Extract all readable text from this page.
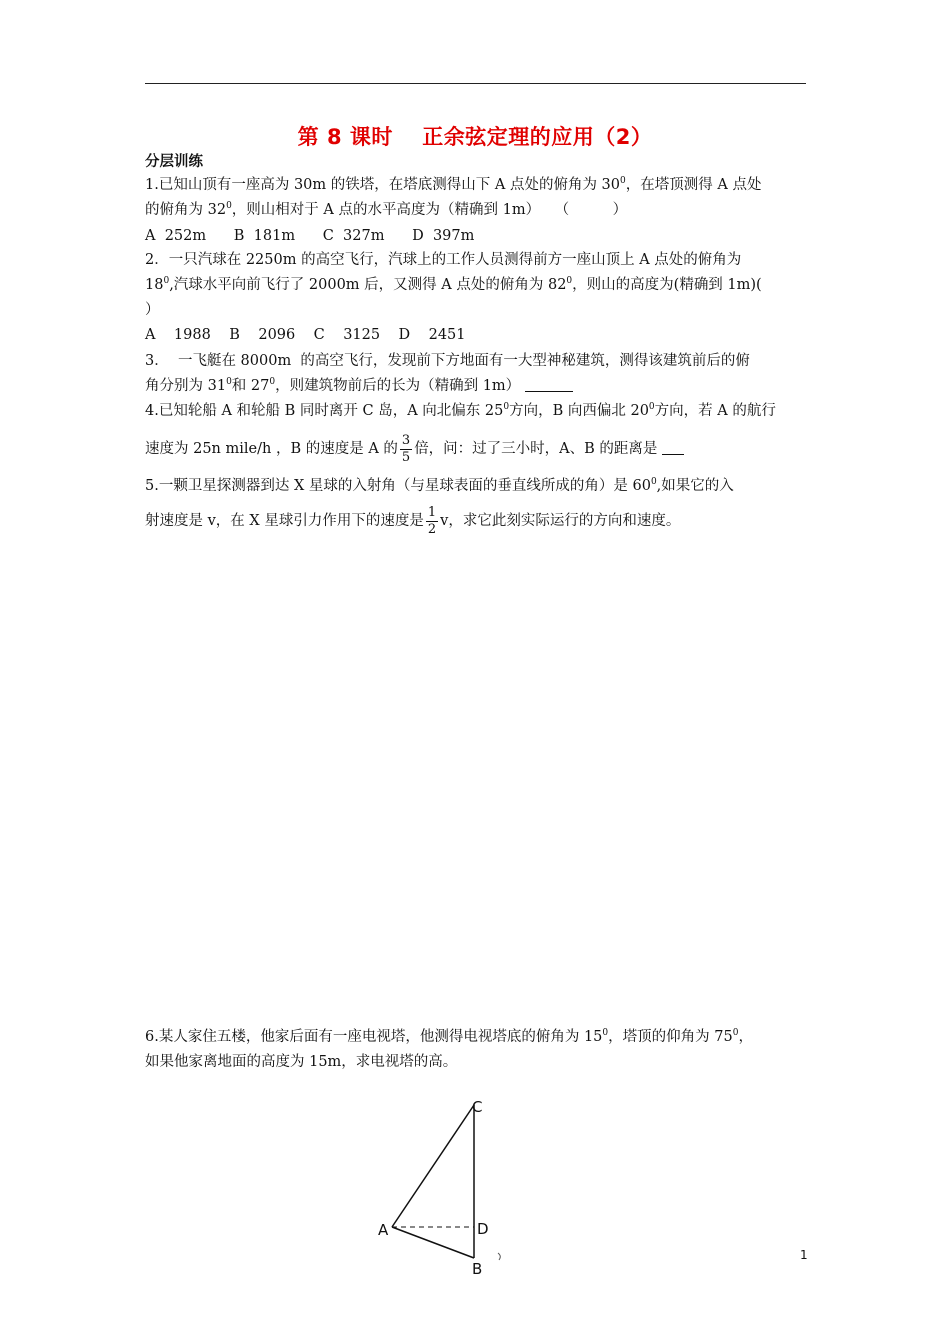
第 8 课时　 正余弦定理的应用（2）
分层训练
1.已知山顶有一座高为 30m 的铁塔，在塔底测得山下 A 点处的俯角为 $30^0$，在塔顶测得 A 点处
的俯角为 $32^0$，则山相对于 A 点的水平高度为（精确到 1m）　　（　　　）
A  252m      B  181m      C  327m      D  397m
2．一只汽球在 2250m 的高空飞行，汽球上的工作人员测得前方一座山顶上 A 点处的俯角为
$18^0$,汽球水平向前飞行了 2000m 后，又测得 A 点处的俯角为 $82^0$，则山的高度为(精确到 1m)(
）
A    1988    B    2096    C    3125    D    2451
3．  一飞艇在 8000m  的高空飞行，发现前下方地面有一大型神秘建筑，测得该建筑前后的俯
角分别为 $31^0$和 $27^0$，则建筑物前后的长为（精确到 1m）
4.已知轮船 A 和轮船 B 同时离开 C 岛，A 向北偏东 $25^0$方向，B 向西偏北 $20^0$方向，若 A 的航行
速度为 25n mile/h ，B 的速度是 A 的 $\frac{3}{5}$ 倍，问：过了三小时，A、B 的距离是
5.一颗卫星探测器到达 X 星球的入射角（与星球表面的垂直线所成的角）是 $60^0$,如果它的入
射速度是 v，在 X 星球引力作用下的速度是 $\frac{1}{2}$ v，求它此刻实际运行的方向和速度。
6.某人家住五楼，他家后面有一座电视塔，他测得电视塔底的俯角为 $15^0$，塔顶的仰角为 $75^0$，
如果他家离地面的高度为 15m，求电视塔的高。
C
A	D
B
1
